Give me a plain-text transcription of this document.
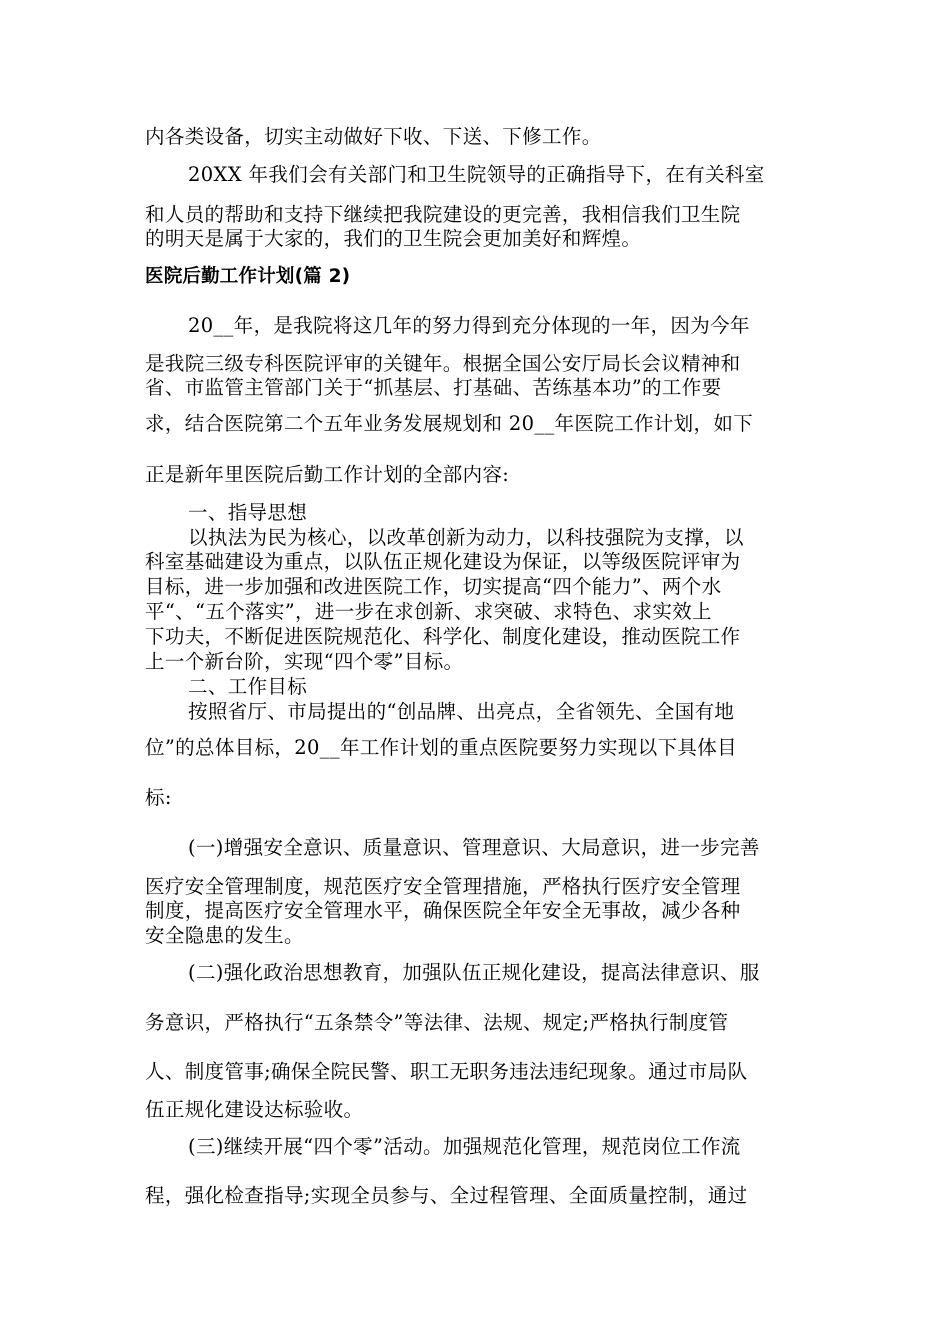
内各类设备，切实主动做好下收、下送、下修工作。
20XX 年我们会有关部门和卫生院领导的正确指导下，在有关科室
和人员的帮助和支持下继续把我院建设的更完善，我相信我们卫生院
的明天是属于大家的，我们的卫生院会更加美好和辉煌。
医院后勤工作计划(篇 2)
20__年，是我院将这几年的努力得到充分体现的一年，因为今年
是我院三级专科医院评审的关键年。根据全国公安厅局长会议精神和
省、市监管主管部门关于“抓基层、打基础、苦练基本功”的工作要
求，结合医院第二个五年业务发展规划和 20__年医院工作计划，如下
正是新年里医院后勤工作计划的全部内容:
一、指导思想
以执法为民为核心，以改革创新为动力，以科技强院为支撑，以
科室基础建设为重点，以队伍正规化建设为保证，以等级医院评审为
目标，进一步加强和改进医院工作，切实提高“四个能力”、两个水
平“、“五个落实”，进一步在求创新、求突破、求特色、求实效上
下功夫，不断促进医院规范化、科学化、制度化建设，推动医院工作
上一个新台阶，实现“四个零”目标。
二、工作目标
按照省厅、市局提出的“创品牌、出亮点，全省领先、全国有地
位”的总体目标，20__年工作计划的重点医院要努力实现以下具体目
标:
(一)增强安全意识、质量意识、管理意识、大局意识，进一步完善
医疗安全管理制度，规范医疗安全管理措施，严格执行医疗安全管理
制度，提高医疗安全管理水平，确保医院全年安全无事故，减少各种
安全隐患的发生。
(二)强化政治思想教育，加强队伍正规化建设，提高法律意识、服
务意识，严格执行“五条禁令”等法律、法规、规定;严格执行制度管
人、制度管事;确保全院民警、职工无职务违法违纪现象。通过市局队
伍正规化建设达标验收。
(三)继续开展“四个零”活动。加强规范化管理，规范岗位工作流
程，强化检查指导;实现全员参与、全过程管理、全面质量控制，通过
